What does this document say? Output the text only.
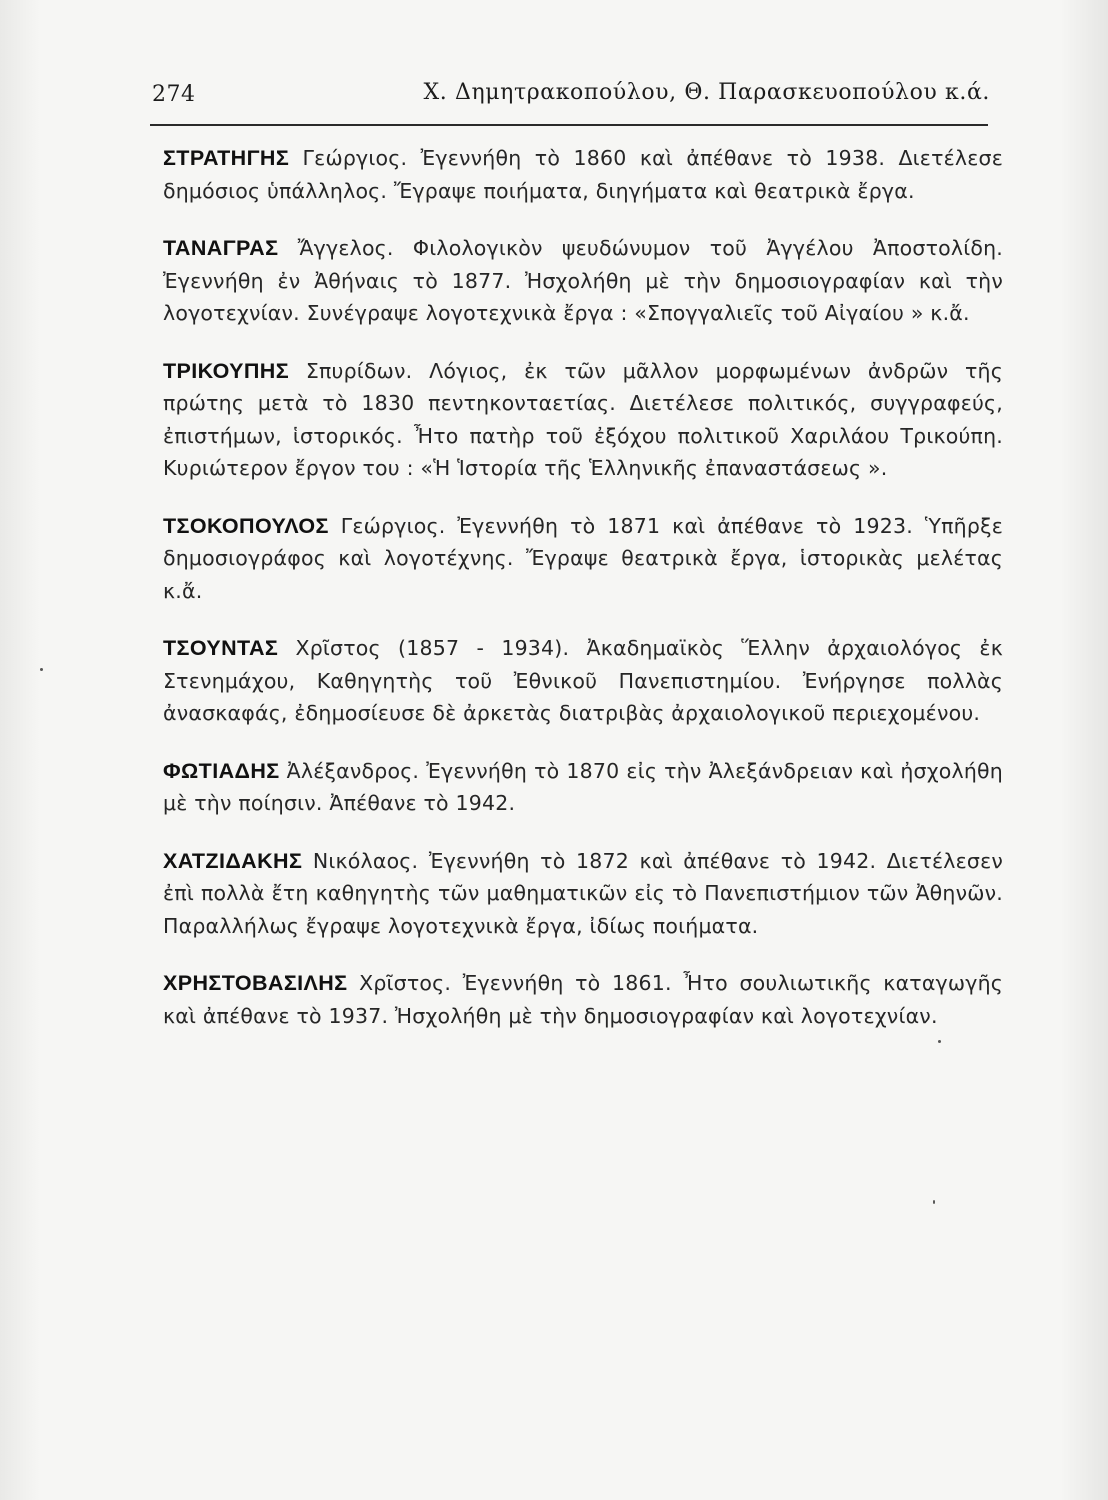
274	Χ. Δημητρακοπούλου, Θ. Παρασκευοπούλου κ.ά.

ΣΤΡΑΤΗΓΗΣ Γεώργιος. Ἐγεννήθη τὸ 1860 καὶ ἀπέθανε τὸ 1938. Διετέλεσε δημόσιος ὑπάλληλος. Ἔγραψε ποιήματα, διηγήματα καὶ θεατρικὰ ἔργα.

ΤΑΝΑΓΡΑΣ Ἄγγελος. Φιλολογικὸν ψευδώνυμον τοῦ Ἀγγέλου Ἀποστολίδη. Ἐγεννήθη ἐν Ἀθήναις τὸ 1877. Ἠσχολήθη μὲ τὴν δημοσιογραφίαν καὶ τὴν λογοτεχνίαν. Συνέγραψε λογοτεχνικὰ ἔργα : «Σπογγαλιεῖς τοῦ Αἰγαίου » κ.ἄ.

ΤΡΙΚΟΥΠΗΣ Σπυρίδων. Λόγιος, ἐκ τῶν μᾶλλον μορφωμένων ἀνδρῶν τῆς πρώτης μετὰ τὸ 1830 πεντηκονταετίας. Διετέλεσε πολιτικός, συγγραφεύς, ἐπιστήμων, ἱστορικός. Ἦτο πατὴρ τοῦ ἐξόχου πολιτικοῦ Χαριλάου Τρικούπη. Κυριώτερον ἔργον του : «Ἡ Ἱστορία τῆς Ἑλληνικῆς ἐπαναστάσεως ».

ΤΣΟΚΟΠΟΥΛΟΣ Γεώργιος. Ἐγεννήθη τὸ 1871 καὶ ἀπέθανε τὸ 1923. Ὑπῆρξε δημοσιογράφος καὶ λογοτέχνης. Ἔγραψε θεατρικὰ ἔργα, ἱστορικὰς μελέτας κ.ἄ.

ΤΣΟΥΝΤΑΣ Χρῖστος (1857 - 1934). Ἀκαδημαϊκὸς Ἕλλην ἀρχαιολόγος ἐκ Στενημάχου, Καθηγητὴς τοῦ Ἐθνικοῦ Πανεπιστημίου. Ἐνήργησε πολλὰς ἀνασκαφάς, ἐδημοσίευσε δὲ ἀρκετὰς διατριβὰς ἀρχαιολογικοῦ περιεχομένου.

ΦΩΤΙΑΔΗΣ Ἀλέξανδρος. Ἐγεννήθη τὸ 1870 εἰς τὴν Ἀλεξάνδρειαν καὶ ἠσχολήθη μὲ τὴν ποίησιν. Ἀπέθανε τὸ 1942.

ΧΑΤΖΙΔΑΚΗΣ Νικόλαος. Ἐγεννήθη τὸ 1872 καὶ ἀπέθανε τὸ 1942. Διετέλεσεν ἐπὶ πολλὰ ἔτη καθηγητὴς τῶν μαθηματικῶν εἰς τὸ Πανεπιστήμιον τῶν Ἀθηνῶν. Παραλλήλως ἔγραψε λογοτεχνικὰ ἔργα, ἰδίως ποιήματα.

ΧΡΗΣΤΟΒΑΣΙΛΗΣ Χρῖστος. Ἐγεννήθη τὸ 1861. Ἦτο σουλιωτικῆς καταγωγῆς καὶ ἀπέθανε τὸ 1937. Ἠσχολήθη μὲ τὴν δημοσιογραφίαν καὶ λογοτεχνίαν.
